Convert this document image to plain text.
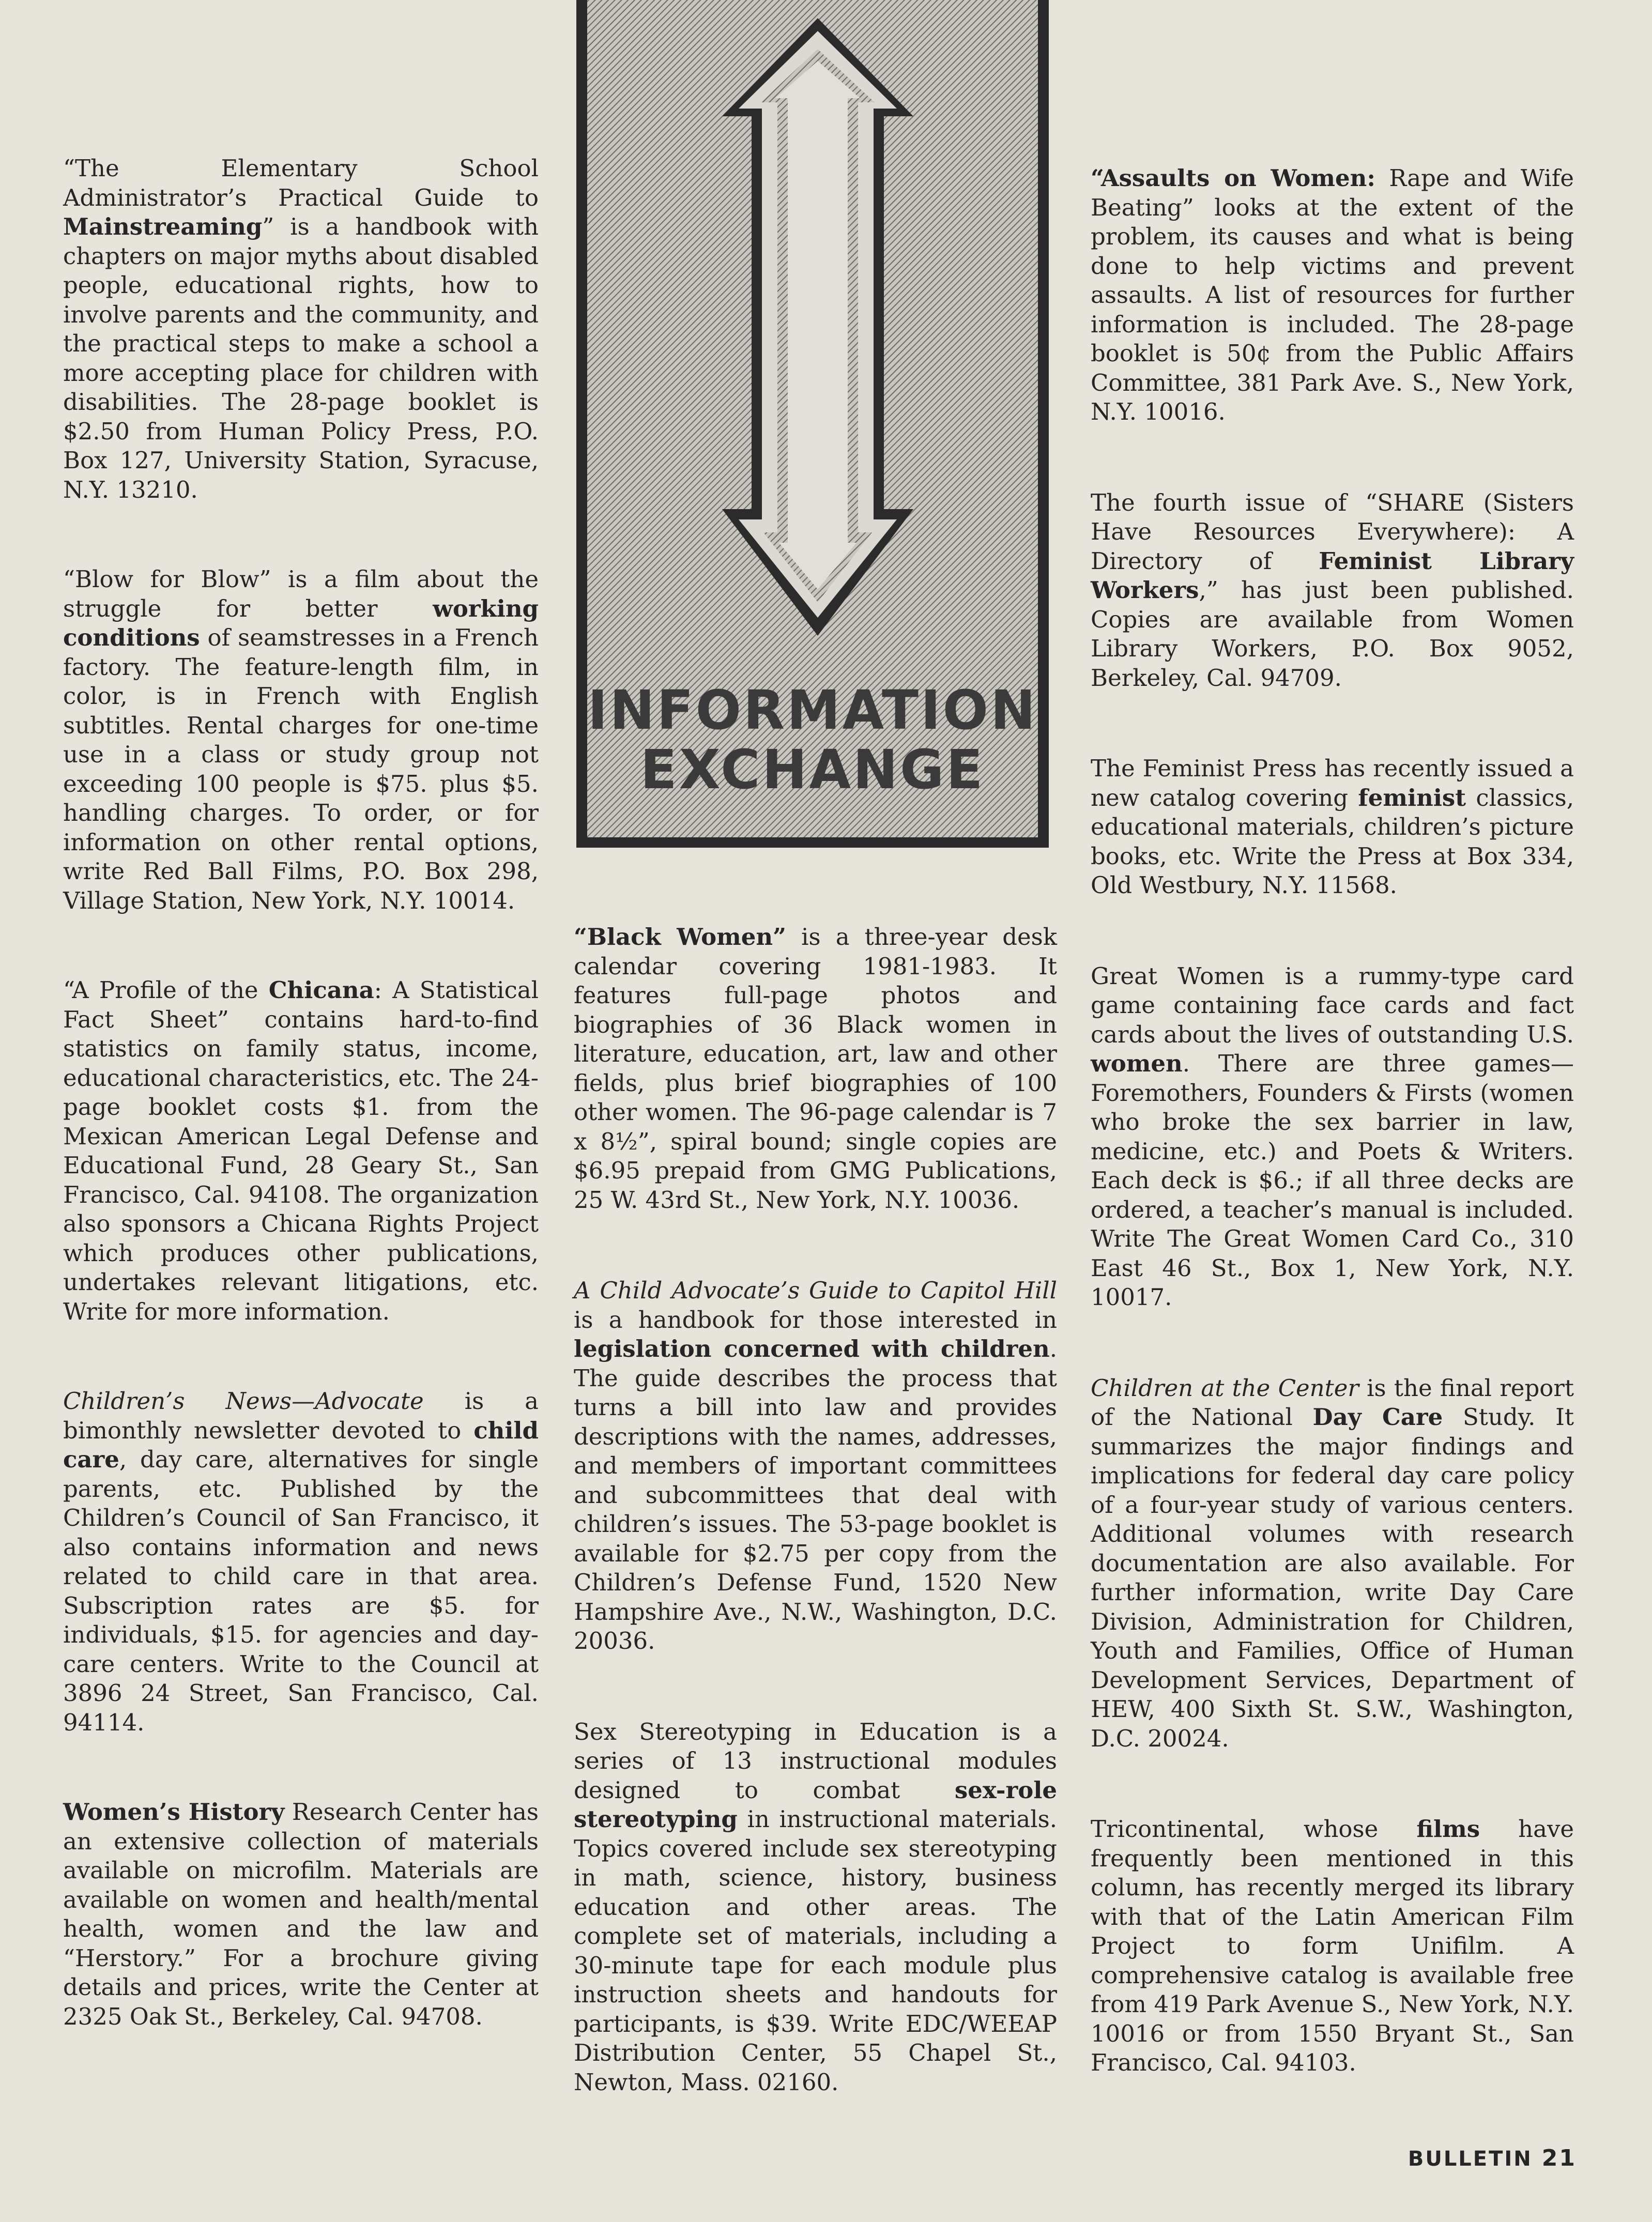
INFORMATION
EXCHANGE

“The Elementary School Administrator’s Practical Guide to Mainstreaming” is a handbook with chapters on major myths about disabled people, educational rights, how to involve parents and the community, and the practical steps to make a school a more accepting place for children with disabilities. The 28-page booklet is $2.50 from Human Policy Press, P.O. Box 127, University Station, Syracuse, N.Y. 13210.

“Blow for Blow” is a film about the struggle for better working conditions of seamstresses in a French factory. The feature-length film, in color, is in French with English subtitles. Rental charges for one-time use in a class or study group not exceeding 100 people is $75. plus $5. handling charges. To order, or for information on other rental options, write Red Ball Films, P.O. Box 298, Village Station, New York, N.Y. 10014.

“A Profile of the Chicana: A Statistical Fact Sheet” contains hard-to-find statistics on family status, income, educational characteristics, etc. The 24-page booklet costs $1. from the Mexican American Legal Defense and Educational Fund, 28 Geary St., San Francisco, Cal. 94108. The organization also sponsors a Chicana Rights Project which produces other publications, undertakes relevant litigations, etc. Write for more information.

Children’s News—Advocate is a bimonthly newsletter devoted to child care, day care, alternatives for single parents, etc. Published by the Children’s Council of San Francisco, it also contains information and news related to child care in that area. Subscription rates are $5. for individuals, $15. for agencies and day-care centers. Write to the Council at 3896 24 Street, San Francisco, Cal. 94114.

Women’s History Research Center has an extensive collection of materials available on microfilm. Materials are available on women and health/mental health, women and the law and “Herstory.” For a brochure giving details and prices, write the Center at 2325 Oak St., Berkeley, Cal. 94708.

“Black Women” is a three-year desk calendar covering 1981-1983. It features full-page photos and biographies of 36 Black women in literature, education, art, law and other fields, plus brief biographies of 100 other women. The 96-page calendar is 7 x 8½”, spiral bound; single copies are $6.95 prepaid from GMG Publications, 25 W. 43rd St., New York, N.Y. 10036.

A Child Advocate’s Guide to Capitol Hill is a handbook for those interested in legislation concerned with children. The guide describes the process that turns a bill into law and provides descriptions with the names, addresses, and members of important committees and subcommittees that deal with children’s issues. The 53-page booklet is available for $2.75 per copy from the Children’s Defense Fund, 1520 New Hampshire Ave., N.W., Washington, D.C. 20036.

Sex Stereotyping in Education is a series of 13 instructional modules designed to combat sex-role stereotyping in instructional materials. Topics covered include sex stereotyping in math, science, history, business education and other areas. The complete set of materials, including a 30-minute tape for each module plus instruction sheets and handouts for participants, is $39. Write EDC/WEEAP Distribution Center, 55 Chapel St., Newton, Mass. 02160.

“Assaults on Women: Rape and Wife Beating” looks at the extent of the problem, its causes and what is being done to help victims and prevent assaults. A list of resources for further information is included. The 28-page booklet is 50¢ from the Public Affairs Committee, 381 Park Ave. S., New York, N.Y. 10016.

The fourth issue of “SHARE (Sisters Have Resources Everywhere): A Directory of Feminist Library Workers,” has just been published. Copies are available from Women Library Workers, P.O. Box 9052, Berkeley, Cal. 94709.

The Feminist Press has recently issued a new catalog covering feminist classics, educational materials, children’s picture books, etc. Write the Press at Box 334, Old Westbury, N.Y. 11568.

Great Women is a rummy-type card game containing face cards and fact cards about the lives of outstanding U.S. women. There are three games—Foremothers, Founders & Firsts (women who broke the sex barrier in law, medicine, etc.) and Poets & Writers. Each deck is $6.; if all three decks are ordered, a teacher’s manual is included. Write The Great Women Card Co., 310 East 46 St., Box 1, New York, N.Y. 10017.

Children at the Center is the final report of the National Day Care Study. It summarizes the major findings and implications for federal day care policy of a four-year study of various centers. Additional volumes with research documentation are also available. For further information, write Day Care Division, Administration for Children, Youth and Families, Office of Human Development Services, Department of HEW, 400 Sixth St. S.W., Washington, D.C. 20024.

Tricontinental, whose films have frequently been mentioned in this column, has recently merged its library with that of the Latin American Film Project to form Unifilm. A comprehensive catalog is available free from 419 Park Avenue S., New York, N.Y. 10016 or from 1550 Bryant St., San Francisco, Cal. 94103.

BULLETIN 21
